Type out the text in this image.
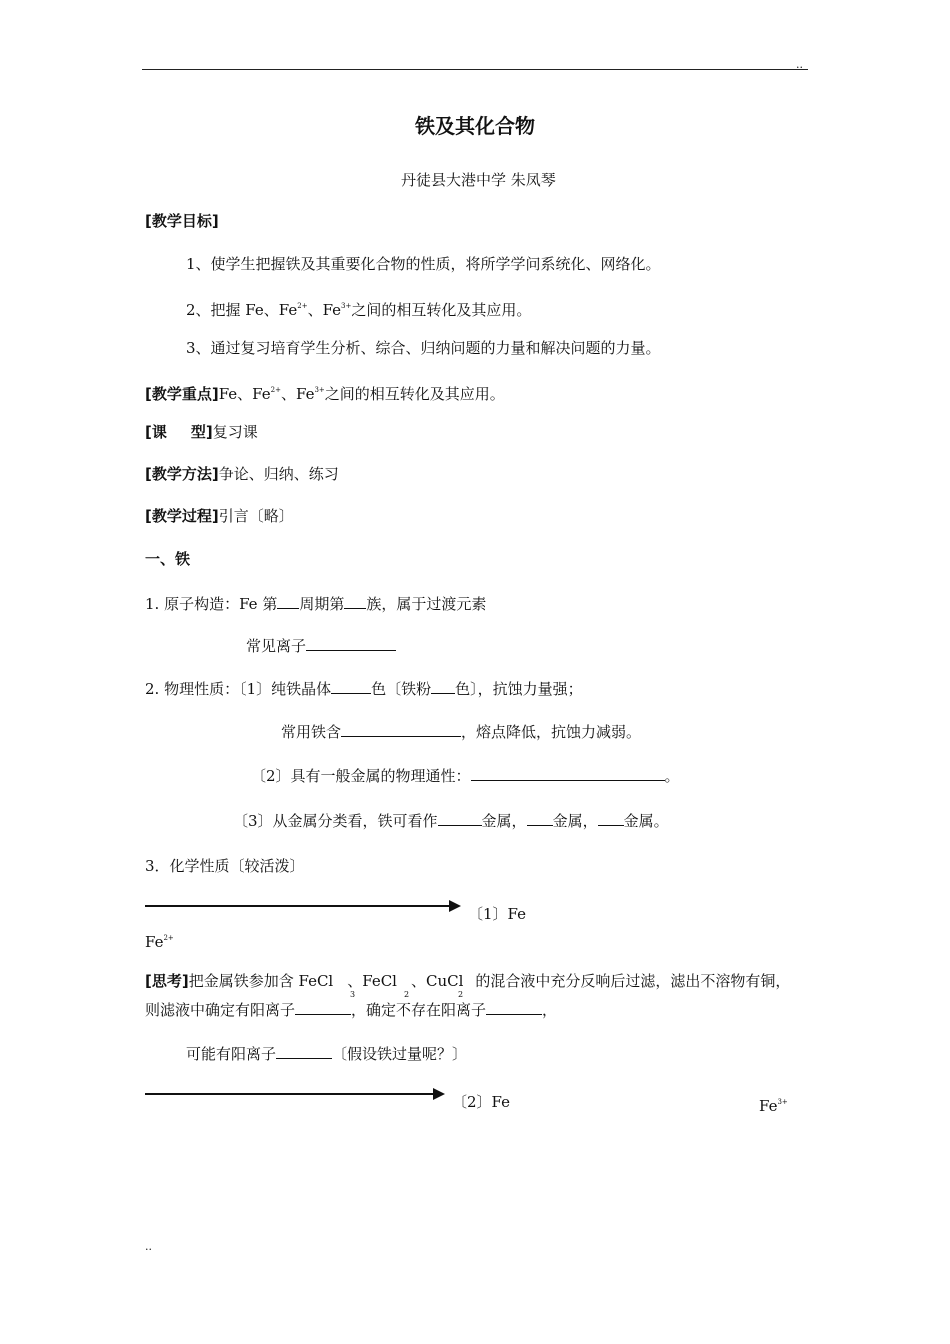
..
铁及其化合物
丹徒县大港中学 朱凤琴
[教学目标]
1、使学生把握铁及其重要化合物的性质，将所学学问系统化、网络化。
2、把握 Fe、$Fe^{2+}$、$Fe^{3+}$之间的相互转化及其应用。
3、通过复习培育学生分析、综合、归纳问题的力量和解决问题的力量。
[教学重点]Fe、$Fe^{2+}$、$Fe^{3+}$之间的相互转化及其应用。
[课 型]复习课
[教学方法]争论、归纳、练习
[教学过程]引言〔略〕
一、铁
1. 原子构造：Fe 第 周期第 族，属于过渡元素
常见离子
2. 物理性质：〔1〕纯铁晶体	色〔铁粉 色〕，抗蚀力量强；
常用铁含	，熔点降低，抗蚀力减弱。
〔2〕具有一般金属的物理通性：	。
〔3〕从金属分类看，铁可看作	金属， 金属， 金属。
3．化学性质〔较活泼〕
〔1〕Fe
$Fe^{2+}$
[思考]把金属铁参加含 FeCl 、FeCl 、CuCl 的混合液中充分反响后过滤，滤出不溶物有铜，
3	2	2
则滤液中确定有阳离子	，确定不存在阳离子	，
可能有阳离子	〔假设铁过量呢？〕
〔2〕Fe	$Fe^{3+}$
..
